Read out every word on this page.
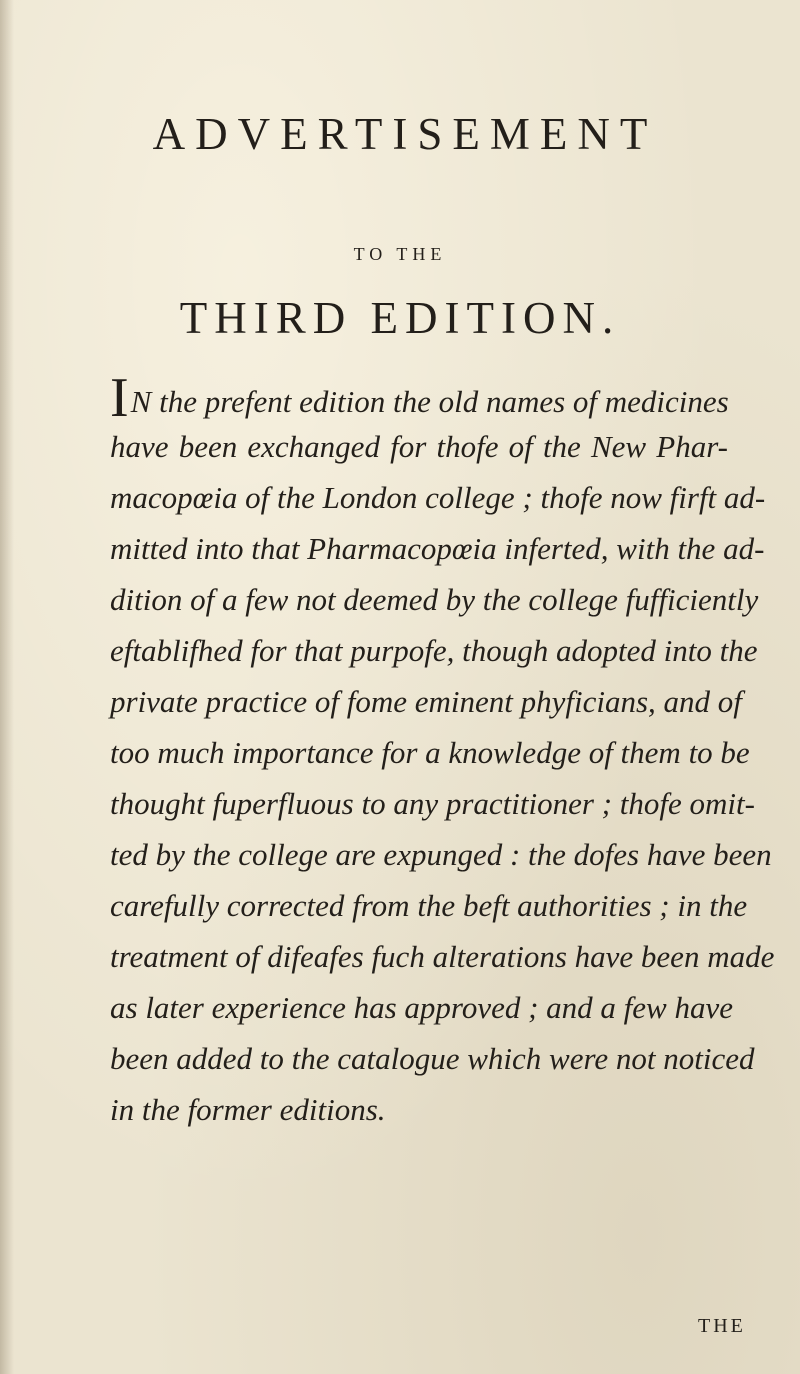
ADVERTISEMENT
TO THE
THIRD EDITION.
IN the prefent edition the old names of medicines
have been exchanged for thofe of the New Phar-
macopœia of the London college ; thofe now firft ad-
mitted into that Pharmacopœia inferted, with the ad-
dition of a few not deemed by the college fufficiently
eftablifhed for that purpofe, though adopted into the
private practice of fome eminent phyficians, and of
too much importance for a knowledge of them to be
thought fuperfluous to any practitioner ; thofe omit-
ted by the college are expunged : the dofes have been
carefully corrected from the beft authorities ; in the
treatment of difeafes fuch alterations have been made
as later experience has approved ; and a few have
been added to the catalogue which were not noticed
in the former editions.
THE
